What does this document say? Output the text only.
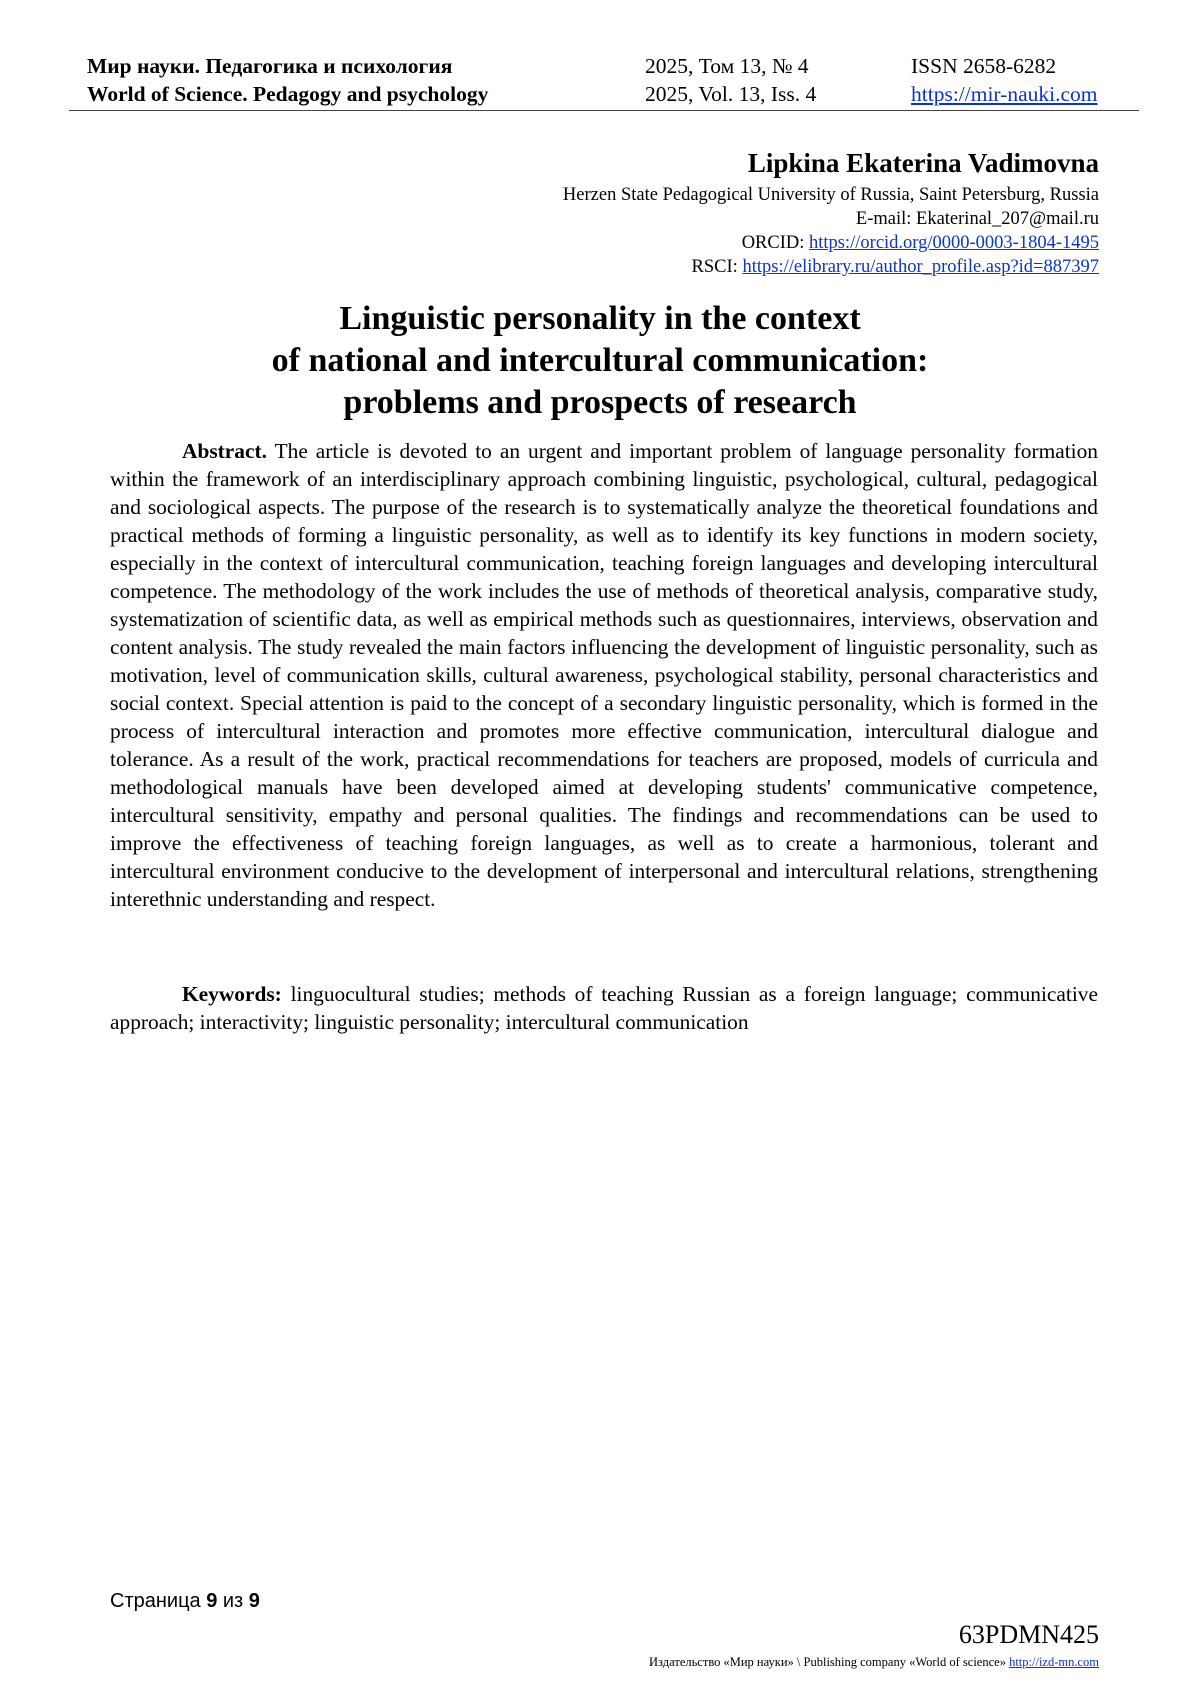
Мир науки. Педагогика и психология	2025, Том 13, № 4	ISSN 2658-6282
World of Science. Pedagogy and psychology	2025, Vol. 13, Iss. 4	https://mir-nauki.com
Lipkina Ekaterina Vadimovna
Herzen State Pedagogical University of Russia, Saint Petersburg, Russia
E-mail: Ekaterinal_207@mail.ru
ORCID: https://orcid.org/0000-0003-1804-1495
RSCI: https://elibrary.ru/author_profile.asp?id=887397
Linguistic personality in the context
of national and intercultural communication:
problems and prospects of research

Abstract. The article is devoted to an urgent and important problem of language personality formation within the framework of an interdisciplinary approach combining linguistic, psychological, cultural, pedagogical and sociological aspects. The purpose of the research is to systematically analyze the theoretical foundations and practical methods of forming a linguistic personality, as well as to identify its key functions in modern society, especially in the context of intercultural communication, teaching foreign languages and developing intercultural competence. The methodology of the work includes the use of methods of theoretical analysis, comparative study, systematization of scientific data, as well as empirical methods such as questionnaires, interviews, observation and content analysis. The study revealed the main factors influencing the development of linguistic personality, such as motivation, level of communication skills, cultural awareness, psychological stability, personal characteristics and social context. Special attention is paid to the concept of a secondary linguistic personality, which is formed in the process of intercultural interaction and promotes more effective communication, intercultural dialogue and tolerance. As a result of the work, practical recommendations for teachers are proposed, models of curricula and methodological manuals have been developed aimed at developing students' communicative competence, intercultural sensitivity, empathy and personal qualities. The findings and recommendations can be used to improve the effectiveness of teaching foreign languages, as well as to create a harmonious, tolerant and intercultural environment conducive to the development of interpersonal and intercultural relations, strengthening interethnic understanding and respect.

Keywords: linguocultural studies; methods of teaching Russian as a foreign language; communicative approach; interactivity; linguistic personality; intercultural communication

Страница 9 из 9
63PDMN425
Издательство «Мир науки» \ Publishing company «World of science» http://izd-mn.com
